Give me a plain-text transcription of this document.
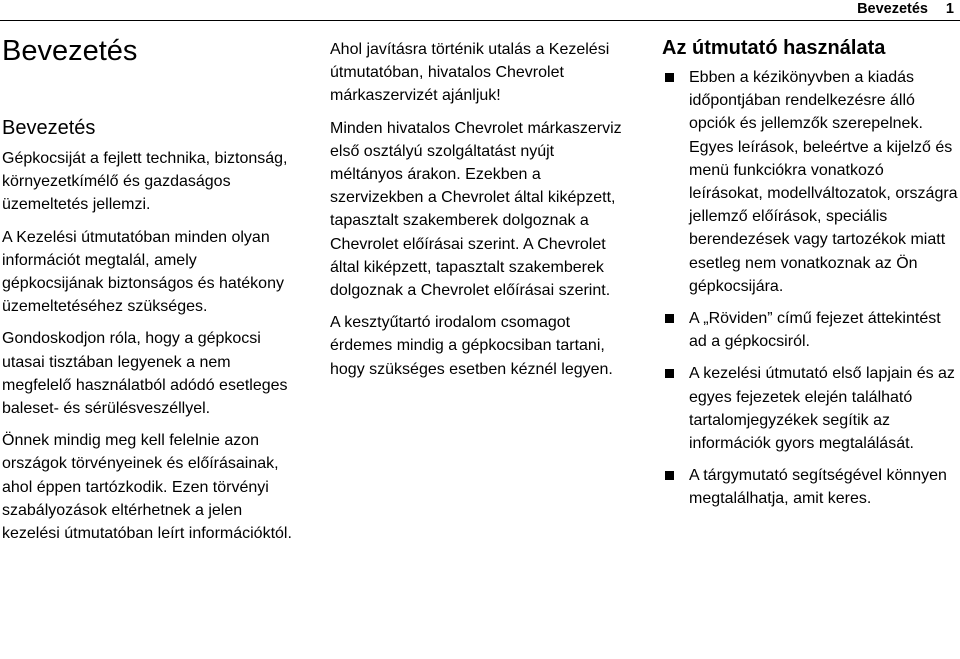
Bevezetés 1
Bevezetés
Bevezetés

Gépkocsiját a fejlett technika, biztonság, környezetkímélő és gazdaságos üzemeltetés jellemzi.

A Kezelési útmutatóban minden olyan információt megtalál, amely gépkocsijának biztonságos és hatékony üzemeltetéséhez szükséges.

Gondoskodjon róla, hogy a gépkocsi utasai tisztában legyenek a nem megfelelő használatból adódó esetleges baleset- és sérülésveszéllyel.

Önnek mindig meg kell felelnie azon országok törvényeinek és előírásainak, ahol éppen tartózkodik. Ezen törvényi szabályozások eltérhetnek a jelen kezelési útmutatóban leírt információktól.

Ahol javításra történik utalás a Kezelési útmutatóban, hivatalos Chevrolet márkaszervizét ajánljuk!

Minden hivatalos Chevrolet márkaszerviz első osztályú szolgáltatást nyújt méltányos árakon. Ezekben a szervizekben a Chevrolet által kiképzett, tapasztalt szakemberek dolgoznak a Chevrolet előírásai szerint. A Chevrolet által kiképzett, tapasztalt szakemberek dolgoznak a Chevrolet előírásai szerint.

A kesztyűtartó irodalom csomagot érdemes mindig a gépkocsiban tartani, hogy szükséges esetben kéznél legyen.

Az útmutató használata
Ebben a kézikönyvben a kiadás időpontjában rendelkezésre álló opciók és jellemzők szerepelnek. Egyes leírások, beleértve a kijelző és menü funkciókra vonatkozó leírásokat, modellváltozatok, országra jellemző előírások, speciális berendezések vagy tartozékok miatt esetleg nem vonatkoznak az Ön gépkocsijára.
A „Röviden” című fejezet áttekintést ad a gépkocsiról.
A kezelési útmutató első lapjain és az egyes fejezetek elején található tartalomjegyzékek segítik az információk gyors megtalálását.
A tárgymutató segítségével könnyen megtalálhatja, amit keres.
